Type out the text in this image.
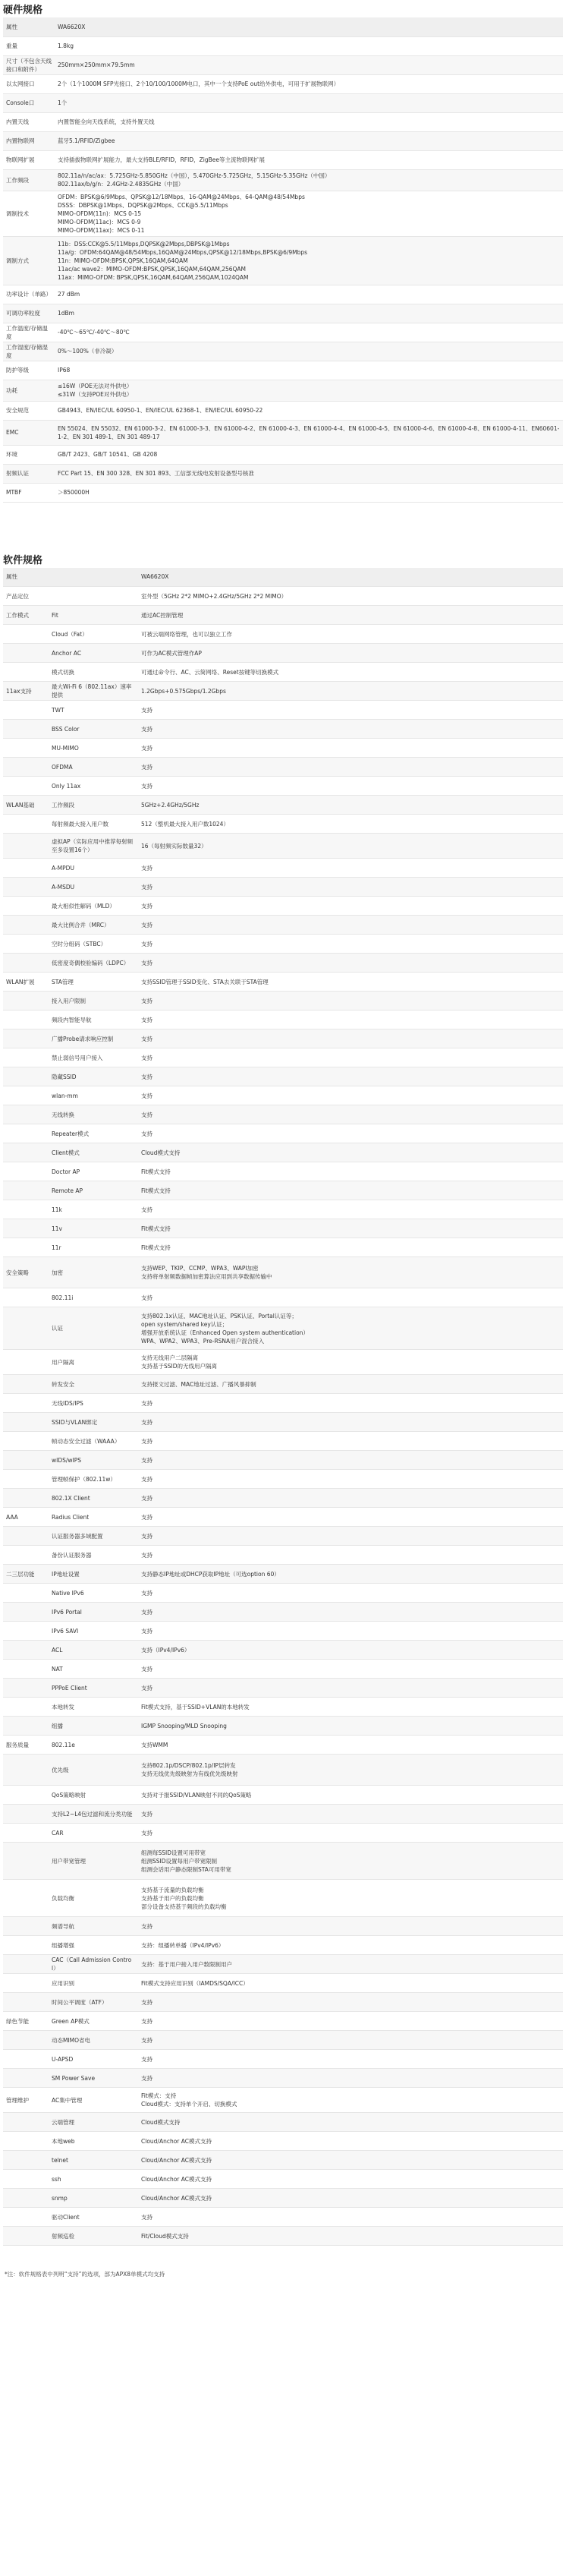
硬件规格
属性	WA6620X

重量	1.8kg

尺寸（不包含天线接口和附件）	250mm×250mm×79.5mm

以太网接口	2个（1个1000M SFP光接口、2个10/100/1000M电口，其中一个支持PoE out给外供电，可用于扩展物联网）

Console口	1个

内置天线	内置智能全向天线系统，支持外置天线

内置物联网	蓝牙5.1/RFID/Zigbee

物联网扩展	支持插拔物联网扩展能力，最大支持BLE/RFID，RFID，ZigBee等主流物联网扩展

工作频段	802.11a/n/ac/ax：5.725GHz-5.850GHz（中国），5.470GHz-5.725GHz，5.15GHz-5.35GHz（中国）
802.11ax/b/g/n：2.4GHz-2.4835GHz（中国）

调制技术	OFDM：BPSK@6/9Mbps、QPSK@12/18Mbps、16-QAM@24Mbps、64-QAM@48/54Mbps
DSSS：DBPSK@1Mbps、DQPSK@2Mbps、CCK@5.5/11Mbps
MIMO-OFDM(11n)：MCS 0-15
MIMO-OFDM(11ac)：MCS 0-9
MIMO-OFDM(11ax)：MCS 0-11

调制方式	11b：DSS:CCK@5.5/11Mbps,DQPSK@2Mbps,DBPSK@1Mbps
11a/g：OFDM:64QAM@48/54Mbps,16QAM@24Mbps,QPSK@12/18Mbps,BPSK@6/9Mbps
11n：MIMO-OFDM:BPSK,QPSK,16QAM,64QAM
11ac/ac wave2：MIMO-OFDM:BPSK,QPSK,16QAM,64QAM,256QAM
11ax：MIMO-OFDM: BPSK,QPSK,16QAM,64QAM,256QAM,1024QAM

功率设计（单路）	27 dBm

可调功率粒度	1dBm

工作温度/存储温度	-40℃～65℃/-40℃～80℃

工作湿度/存储湿度	0%～100%（非冷凝）

防护等级	IP68

功耗	≤16W（POE无法对外供电）
≤31W（支持POE对外供电）

安全规范	GB4943、EN/IEC/UL 60950-1、EN/IEC/UL 62368-1、EN/IEC/UL 60950-22

EMC	EN 55024、EN 55032、EN 61000-3-2、EN 61000-3-3、EN 61000-4-2、EN 61000-4-3、EN 61000-4-4、EN 61000-4-5、EN 61000-4-6、EN 61000-4-8、EN 61000-4-11、EN60601-1-2、EN 301 489-1、EN 301 489-17

环境	GB/T 2423、GB/T 10541、GB 4208

射频认证	FCC Part 15、EN 300 328、EN 301 893、工信部无线电发射设备型号核准

MTBF	＞850000H
软件规格
属性		WA6620X

产品定位		室外型（5GHz 2*2 MIMO+2.4GHz/5GHz 2*2 MIMO）

工作模式	Fit	通过AC控制管理

	Cloud（Fat）	可被云端网络管理，也可以独立工作

	Anchor AC	可作为AC模式管理作AP

	模式切换	可通过命令行、AC、云简网络、Reset按键等切换模式

11ax支持	最大Wi-Fi 6（802.11ax）速率提供	1.2Gbps+0.575Gbps/1.2Gbps

	TWT	支持

	BSS Color	支持

	MU-MIMO	支持

	OFDMA	支持

	Only 11ax	支持

WLAN基础	工作频段	5GHz+2.4GHz/5GHz

	每射频最大接入用户数	512（整机最大接入用户数1024）

	虚拟AP（实际应用中推荐每射频至多设置16个）	16（每射频实际数量32）

	A-MPDU	支持

	A-MSDU	支持

	最大相似性解码（MLD）	支持

	最大比例合并（MRC）	支持

	空时分组码（STBC）	支持

	低密度奇偶校验编码（LDPC）	支持

WLAN扩展	STA管理	支持SSID管理于SSID变化、STA去关联于STA管理

	接入用户限制	支持

	频段内智能导航	支持

	广播Probe请求响应控制	支持

	禁止弱信号用户接入	支持

	隐藏SSID	支持

	wlan-mm	支持

	无线转换	支持

	Repeater模式	支持

	Client模式	Cloud模式支持

	Doctor AP	Fit模式支持

	Remote AP	Fit模式支持

	11k	支持

	11v	Fit模式支持

	11r	Fit模式支持

安全策略	加密	支持WEP、TKIP、CCMP、WPA3、WAPI加密
支持将单射频数据帧加密算法应用到共享数据传输中

	802.11i	支持

	认证	支持802.1x认证、MAC地址认证、PSK认证、Portal认证等；
open system/shared key认证；
增强开放系统认证（Enhanced Open system authentication）
WPA、WPA2、WPA3、Pre-RSNA用户混合接入

	用户隔离	支持无线用户二层隔离
支持基于SSID的无线用户隔离

	转发安全	支持报文过滤、MAC地址过滤、广播风暴抑制

	无线IDS/IPS	支持

	SSID与VLAN绑定	支持

	帧动态安全过滤（WAAA）	支持

	wIDS/wIPS	支持

	管理帧保护（802.11w）	支持

	802.1X Client	支持

AAA	Radius Client	支持

	认证服务器多域配置	支持

	备份认证服务器	支持

二三层功能	IP地址设置	支持静态IP地址或DHCP获取IP地址（可选option 60）

	Native IPv6	支持

	IPv6 Portal	支持

	IPv6 SAVI	支持

	ACL	支持（IPv4/IPv6）

	NAT	支持

	PPPoE Client	支持

	本地转发	Fit模式支持，基于SSID+VLAN的本地转发

	组播	IGMP Snooping/MLD Snooping

服务质量	802.11e	支持WMM

	优先级	支持802.1p/DSCP/802.1p/IP层转发
支持无线优先级映射为有线优先级映射

	QoS策略映射	支持对于报SSID/VLAN映射不同的QoS策略

	支持L2~L4包过滤和流分类功能	支持

	CAR	支持

	用户带宽管理	组测每SSID设置可用带宽
组测SSID设置每用户带宽限制
组测会话用户静态限制STA可用带宽

	负载均衡	支持基于流量的负载均衡
支持基于用户的负载均衡
部分设备支持基于频段的负载均衡

	频谱导航	支持

	组播增强	支持：组播转单播（IPv4/IPv6）

	CAC（Call Admission Control）	支持：基于用户接入用户数限制用户

	应用识别	Fit模式支持应用识别（IAMDS/SQA/ICC）

	时间公平调度（ATF）	支持

绿色节能	Green AP模式	支持

	动态MIMO省电	支持

	U-APSD	支持

	SM Power Save	支持

管理维护	AC集中管理	Fit模式：支持
Cloud模式：支持单个开启、切换模式

	云端管理	Cloud模式支持

	本地web	Cloud/Anchor AC模式支持

	telnet	Cloud/Anchor AC模式支持

	ssh	Cloud/Anchor AC模式支持

	snmp	Cloud/Anchor AC模式支持

	驱动Client	支持

	射频巡检	Fit/Cloud模式支持
*注：软件规格表中列明“支持”的选项，部为APX8单模式均支持
